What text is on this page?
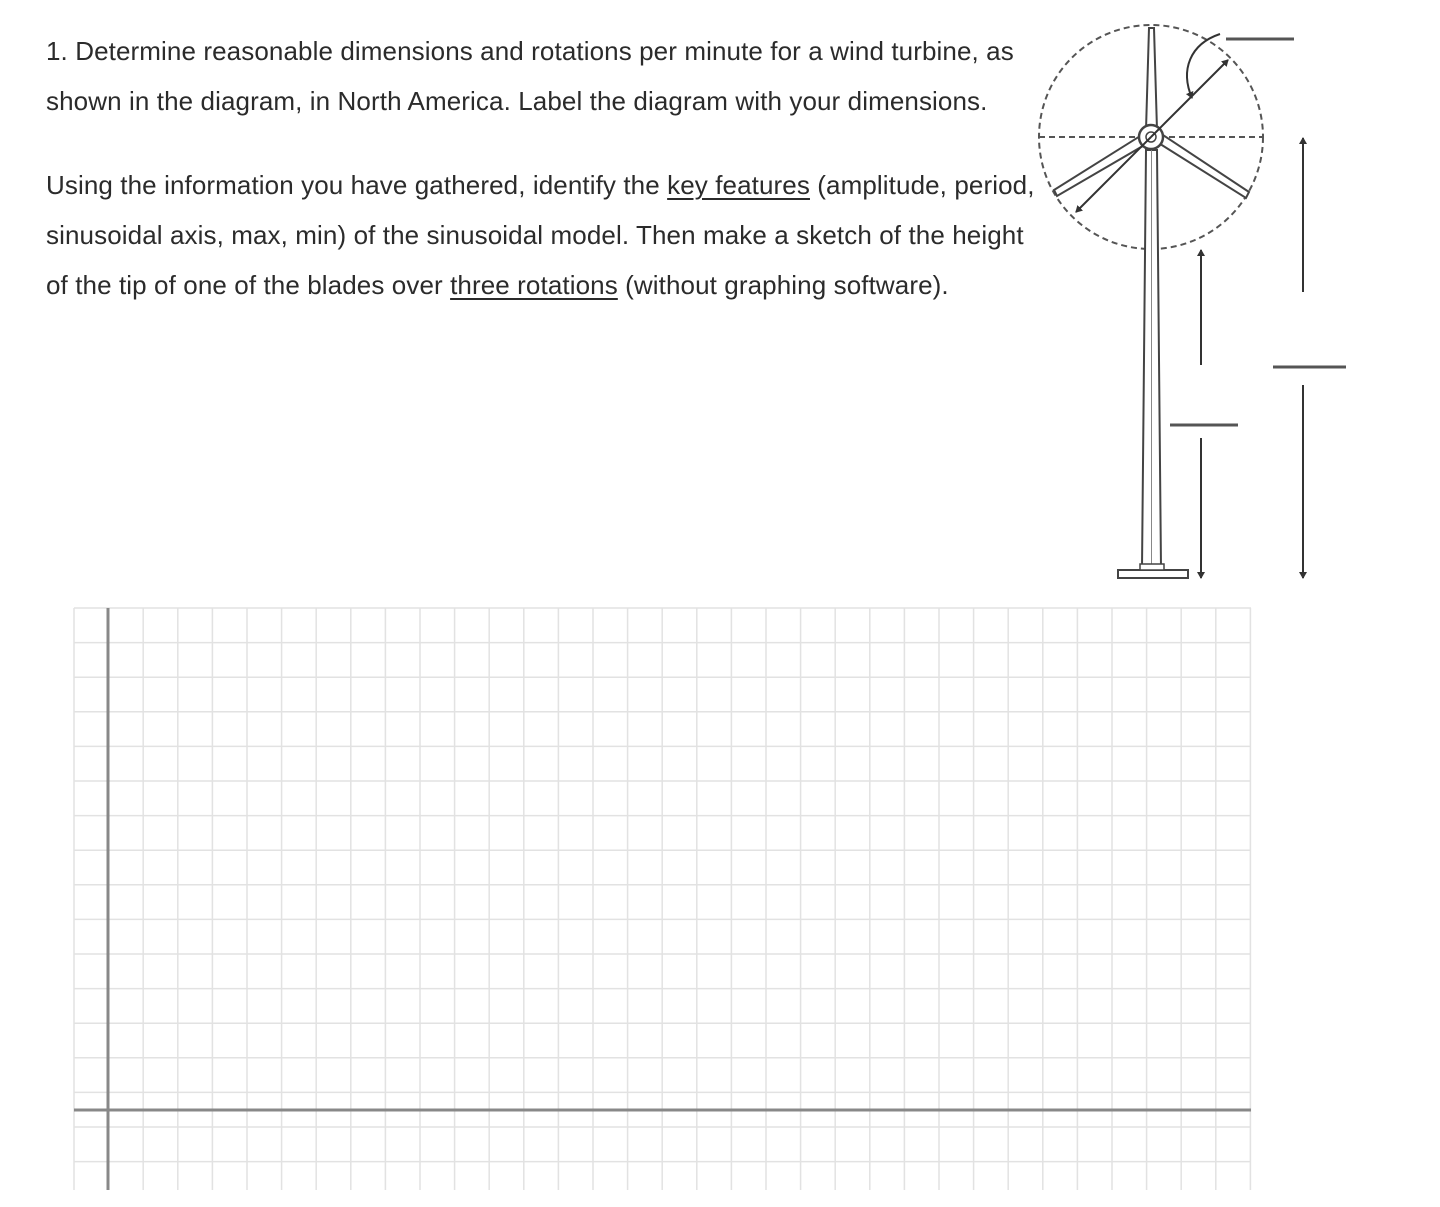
1. Determine reasonable dimensions and rotations per minute for a wind turbine, as shown in the diagram, in North America. Label the diagram with your dimensions.

Using the information you have gathered, identify the key features (amplitude, period, sinusoidal axis, max, min) of the sinusoidal model. Then make a sketch of the height of the tip of one of the blades over three rotations (without graphing software).
